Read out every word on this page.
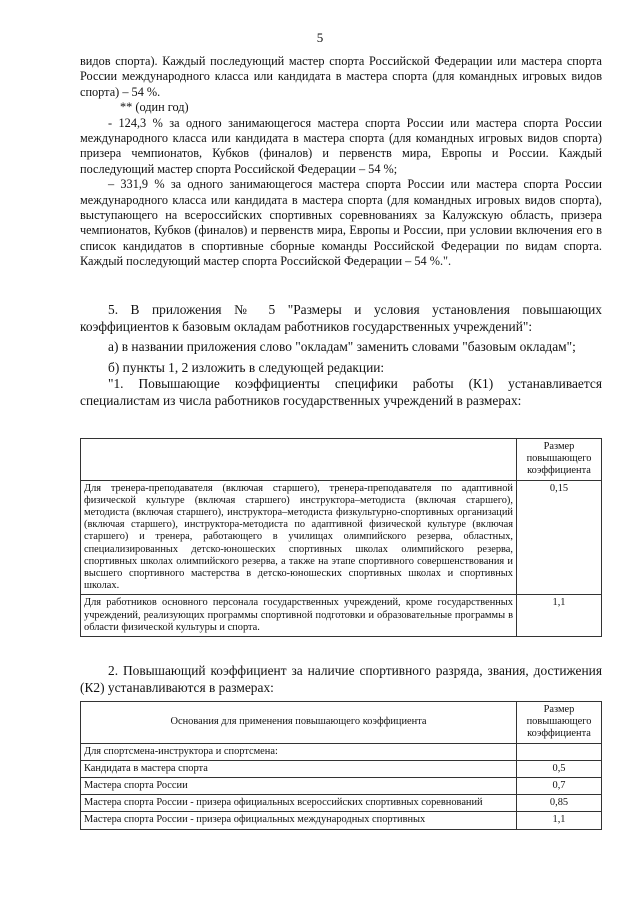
5

видов спорта). Каждый последующий мастер спорта Российской Федерации или мастера спорта России международного класса или кандидата в мастера спорта (для командных игровых видов спорта) – 54 %.

** (один год)

- 124,3 % за одного занимающегося мастера спорта России или мастера спорта России международного класса или кандидата в мастера спорта (для командных игровых видов спорта) призера чемпионатов, Кубков (финалов) и первенств мира, Европы и России. Каждый последующий мастер спорта Российской Федерации – 54 %;

– 331,9 % за одного занимающегося мастера спорта России или мастера спорта России международного класса или кандидата в мастера спорта (для командных игровых видов спорта), выступающего на всероссийских спортивных соревнованиях за Калужскую область, призера чемпионатов, Кубков (финалов) и первенств мира, Европы и России, при условии включения его в список кандидатов в спортивные сборные команды Российской Федерации по видам спорта. Каждый последующий мастер спорта Российской Федерации – 54 %.".

5. В приложения № 5 "Размеры и условия установления повышающих коэффициентов к базовым окладам работников государственных учреждений":

а) в названии приложения слово "окладам" заменить словами "базовым окладам";

б) пункты 1, 2 изложить в следующей редакции:

"1. Повышающие коэффициенты специфики работы (К1) устанавливается специалистам из числа работников государственных учреждений в размерах:

	Размер повышающего коэффициента
Для тренера-преподавателя (включая старшего), тренера-преподавателя по адаптивной физической культуре (включая старшего) инструктора–методиста (включая старшего), методиста (включая старшего), инструктора–методиста физкультурно-спортивных организаций (включая старшего), инструктора-методиста по адаптивной физической культуре (включая старшего) и тренера, работающего в училищах олимпийского резерва, областных, специализированных детско-юношеских спортивных школах олимпийского резерва, спортивных школах олимпийского резерва, а также на этапе спортивного совершенствования и высшего спортивного мастерства в детско-юношеских спортивных школах и спортивных школах.	0,15
Для работников основного персонала государственных учреждений, кроме государственных учреждений, реализующих программы спортивной подготовки и образовательные программы в области физической культуры и спорта.	1,1

2. Повышающий коэффициент за наличие спортивного разряда, звания, достижения (К2) устанавливаются в размерах:

Основания для применения повышающего коэффициента	Размер повышающего коэффициента
Для спортсмена-инструктора и спортсмена:	
Кандидата в мастера спорта	0,5
Мастера спорта России	0,7
Мастера спорта России - призера официальных всероссийских спортивных соревнований	0,85
Мастера спорта России - призера официальных международных спортивных	1,1
